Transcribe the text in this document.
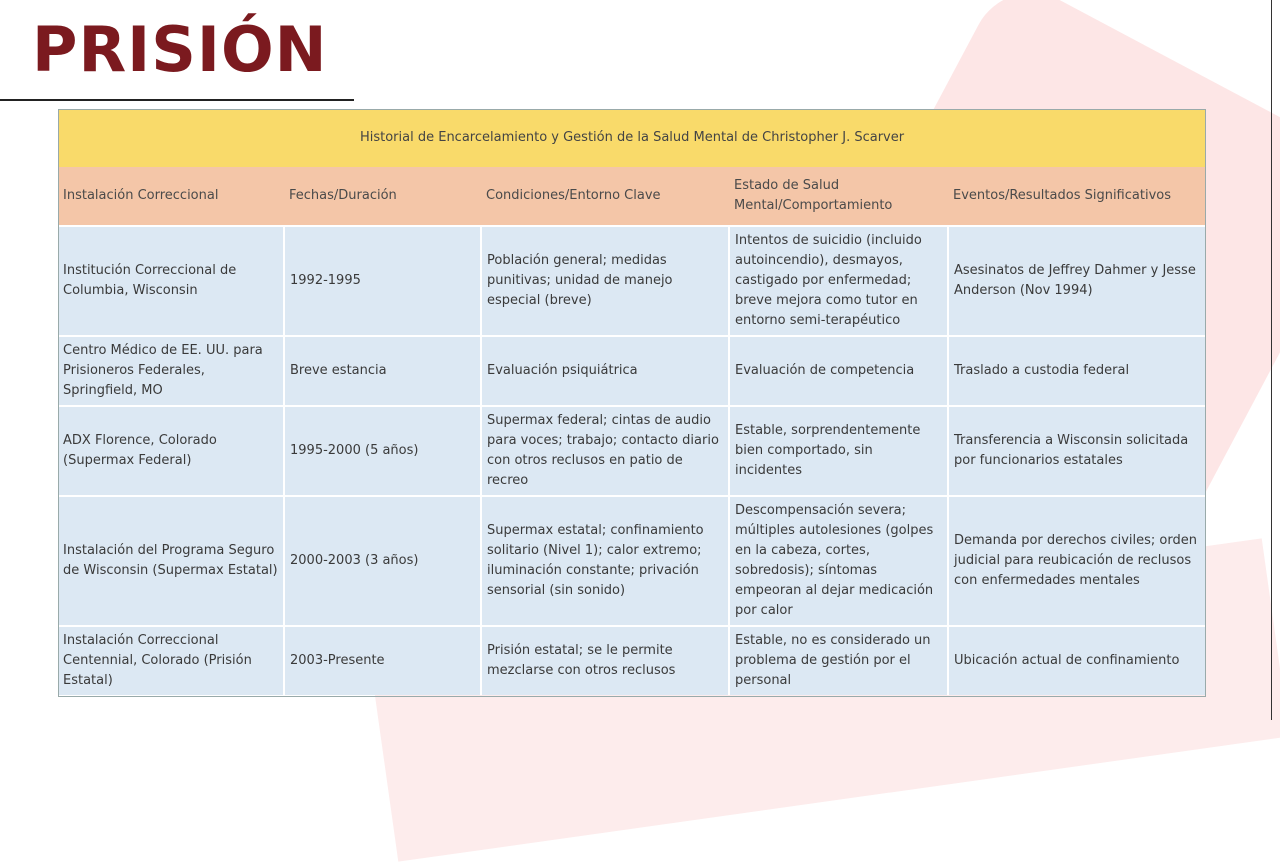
PRISIÓN
Historial de Encarcelamiento y Gestión de la Salud Mental de Christopher J. Scarver				
Instalación Correccional	Fechas/Duración	Condiciones/Entorno Clave	Estado de Salud Mental/Comportamiento	Eventos/Resultados Significativos
Institución Correccional de Columbia, Wisconsin	1992-1995	Población general; medidas punitivas; unidad de manejo especial (breve)	Intentos de suicidio (incluido autoincendio), desmayos, castigado por enfermedad; breve mejora como tutor en entorno semi-terapéutico	Asesinatos de Jeffrey Dahmer y Jesse Anderson (Nov 1994)
Centro Médico de EE. UU. para Prisioneros Federales, Springfield, MO	Breve estancia	Evaluación psiquiátrica	Evaluación de competencia	Traslado a custodia federal
ADX Florence, Colorado (Supermax Federal)	1995-2000 (5 años)	Supermax federal; cintas de audio para voces; trabajo; contacto diario con otros reclusos en patio de recreo	Estable, sorprendentemente bien comportado, sin incidentes	Transferencia a Wisconsin solicitada por funcionarios estatales
Instalación del Programa Seguro de Wisconsin (Supermax Estatal)	2000-2003 (3 años)	Supermax estatal; confinamiento solitario (Nivel 1); calor extremo; iluminación constante; privación sensorial (sin sonido)	Descompensación severa; múltiples autolesiones (golpes en la cabeza, cortes, sobredosis); síntomas empeoran al dejar medicación por calor	Demanda por derechos civiles; orden judicial para reubicación de reclusos con enfermedades mentales
Instalación Correccional Centennial, Colorado (Prisión Estatal)	2003-Presente	Prisión estatal; se le permite mezclarse con otros reclusos	Estable, no es considerado un problema de gestión por el personal	Ubicación actual de confinamiento
